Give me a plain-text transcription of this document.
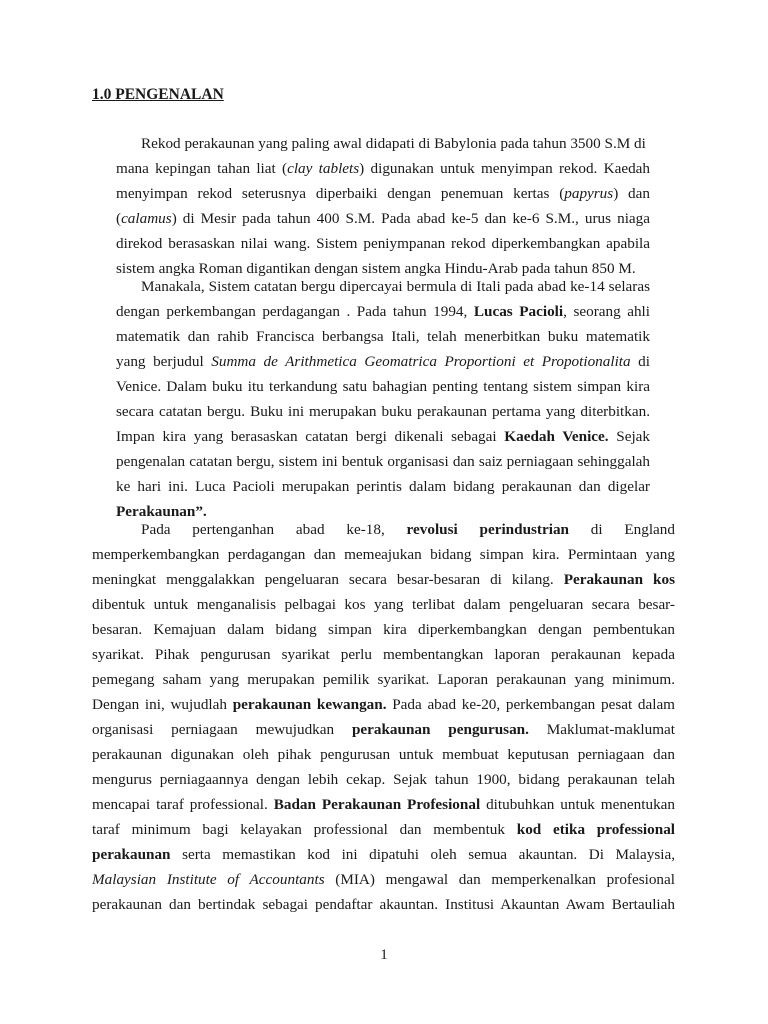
1.0 PENGENALAN
Rekod perakaunan yang paling awal didapati di Babylonia pada tahun 3500 S.M di
mana kepingan tahan liat (clay tablets) digunakan untuk menyimpan rekod. Kaedah
menyimpan rekod seterusnya diperbaiki dengan penemuan kertas (papyrus) dan
(calamus) di Mesir pada tahun 400 S.M. Pada abad ke-5 dan ke-6 S.M., urus niaga
direkod berasaskan nilai wang. Sistem peniympanan rekod diperkembangkan apabila
sistem angka Roman digantikan dengan sistem angka Hindu-Arab pada tahun 850 M.
Manakala, Sistem catatan bergu dipercayai bermula di Itali pada abad ke-14 selaras
dengan perkembangan perdagangan . Pada tahun 1994, Lucas Pacioli, seorang ahli
matematik dan rahib Francisca berbangsa Itali, telah menerbitkan buku matematik
yang berjudul Summa de Arithmetica Geomatrica Proportioni et Propotionalita di
Venice. Dalam buku itu terkandung satu bahagian penting tentang sistem simpan kira
secara catatan bergu. Buku ini merupakan buku perakaunan pertama yang diterbitkan.
Impan kira yang berasaskan catatan bergi dikenali sebagai Kaedah Venice. Sejak
pengenalan catatan bergu, sistem ini bentuk organisasi dan saiz perniagaan sehinggalah
ke hari ini. Luca Pacioli merupakan perintis dalam bidang perakaunan dan digelar
Perakaunan”.
Pada pertenganhan abad ke-18, revolusi perindustrian di England
memperkembangkan perdagangan dan memeajukan bidang simpan kira. Permintaan yang
meningkat menggalakkan pengeluaran secara besar-besaran di kilang. Perakaunan kos
dibentuk untuk menganalisis pelbagai kos yang terlibat dalam pengeluaran secara besar-
besaran. Kemajuan dalam bidang simpan kira diperkembangkan dengan pembentukan
syarikat. Pihak pengurusan syarikat perlu membentangkan laporan perakaunan kepada
pemegang saham yang merupakan pemilik syarikat. Laporan perakaunan yang minimum.
Dengan ini, wujudlah perakaunan kewangan. Pada abad ke-20, perkembangan pesat dalam
organisasi perniagaan mewujudkan perakaunan pengurusan. Maklumat-maklumat
perakaunan digunakan oleh pihak pengurusan untuk membuat keputusan perniagaan dan
mengurus perniagaannya dengan lebih cekap. Sejak tahun 1900, bidang perakaunan telah
mencapai taraf professional. Badan Perakaunan Profesional ditubuhkan untuk menentukan
taraf minimum bagi kelayakan professional dan membentuk kod etika professional
perakaunan serta memastikan kod ini dipatuhi oleh semua akauntan. Di Malaysia,
Malaysian Institute of Accountants (MIA) mengawal dan memperkenalkan profesional
perakaunan dan bertindak sebagai pendaftar akauntan. Institusi Akauntan Awam Bertauliah
1
